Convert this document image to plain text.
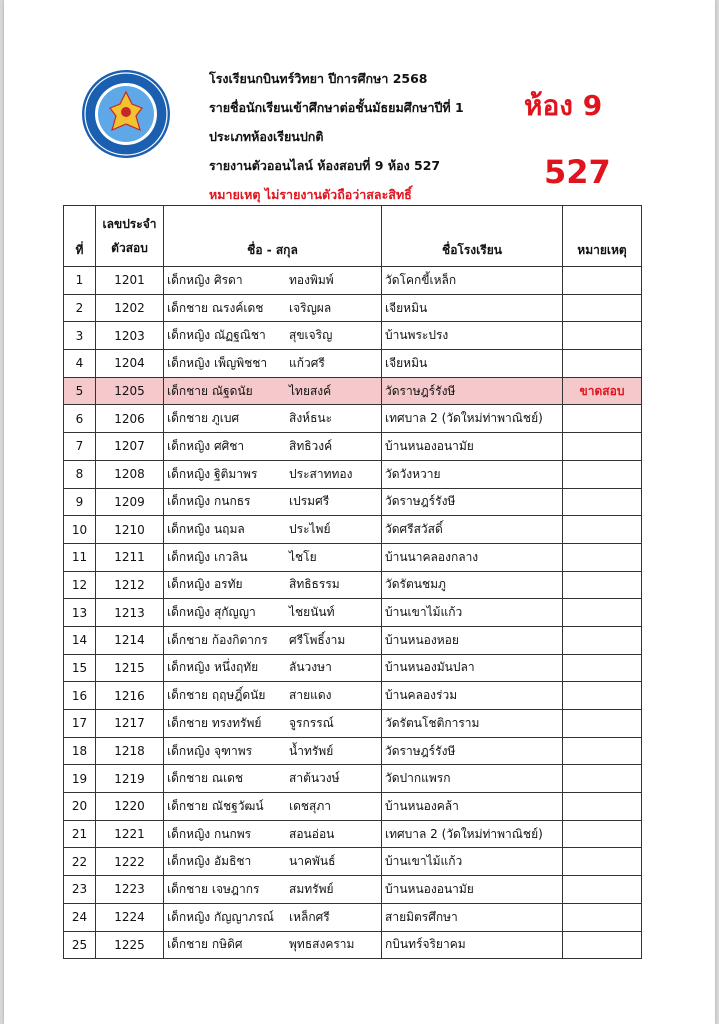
โรงเรียนกบินทร์วิทยา ปีการศึกษา 2568
รายชื่อนักเรียนเข้าศึกษาต่อชั้นมัธยมศึกษาปีที่ 1
ประเภทห้องเรียนปกติ
รายงานตัวออนไลน์ ห้องสอบที่ 9 ห้อง 527
หมายเหตุ ไม่รายงานตัวถือว่าสละสิทธิ์
ห้อง 9
527
ที่	เลขประจำตัวสอบ	ชื่อ - สกุล	ชื่อโรงเรียน	หมายเหตุ
1	1201	เด็กหญิง ศิรดา ทองพิมพ์	วัดโคกขี้เหล็ก	
2	1202	เด็กชาย ณรงค์เดช เจริญผล	เจียหมิน	
3	1203	เด็กหญิง ณัฏฐณิชา สุขเจริญ	บ้านพระปรง	
4	1204	เด็กหญิง เพ็ญพิชชา แก้วศรี	เจียหมิน	
5	1205	เด็กชาย ณัฐดนัย ไทยสงค์	วัดราษฎร์รังษี	ขาดสอบ
6	1206	เด็กชาย ภูเบศ สิงห์ธนะ	เทศบาล 2 (วัดใหม่ท่าพาณิชย์)	
7	1207	เด็กหญิง ศศิชา สิทธิวงค์	บ้านหนองอนามัย	
8	1208	เด็กหญิง ฐิติมาพร ประสาททอง	วัดวังหวาย	
9	1209	เด็กหญิง กนกธร เปรมศรี	วัดราษฎร์รังษี	
10	1210	เด็กหญิง นฤมล ประไพย์	วัดศรีสวัสดิ์	
11	1211	เด็กหญิง เกวลิน ไชโย	บ้านนาคลองกลาง	
12	1212	เด็กหญิง อรทัย สิทธิธรรม	วัดรัตนชมภู	
13	1213	เด็กหญิง สุกัญญา ไชยนันท์	บ้านเขาไม้แก้ว	
14	1214	เด็กชาย ก้องกิดากร ศรีโพธิ์งาม	บ้านหนองหอย	
15	1215	เด็กหญิง หนึ่งฤทัย ลันวงษา	บ้านหนองมันปลา	
16	1216	เด็กชาย ฤฤษฎิ์ดนัย สายแดง	บ้านคลองร่วม	
17	1217	เด็กชาย ทรงทรัพย์ จูรกรรณ์	วัดรัตนโชติการาม	
18	1218	เด็กหญิง จุฑาพร น้ำทรัพย์	วัดราษฎร์รังษี	
19	1219	เด็กชาย ณเดช สาต้นวงษ์	วัดปากแพรก	
20	1220	เด็กชาย ณัชฐวัฒน์ เดชสุภา	บ้านหนองคล้า	
21	1221	เด็กหญิง กนกพร สอนอ่อน	เทศบาล 2 (วัดใหม่ท่าพาณิชย์)	
22	1222	เด็กหญิง อัมธิชา นาคพันธ์	บ้านเขาไม้แก้ว	
23	1223	เด็กชาย เจษฎากร สมทรัพย์	บ้านหนองอนามัย	
24	1224	เด็กหญิง กัญญาภรณ์ เหล็กศรี	สายมิตรศึกษา	
25	1225	เด็กชาย กษิดิศ พุทธสงคราม	กบินทร์จริยาคม	
